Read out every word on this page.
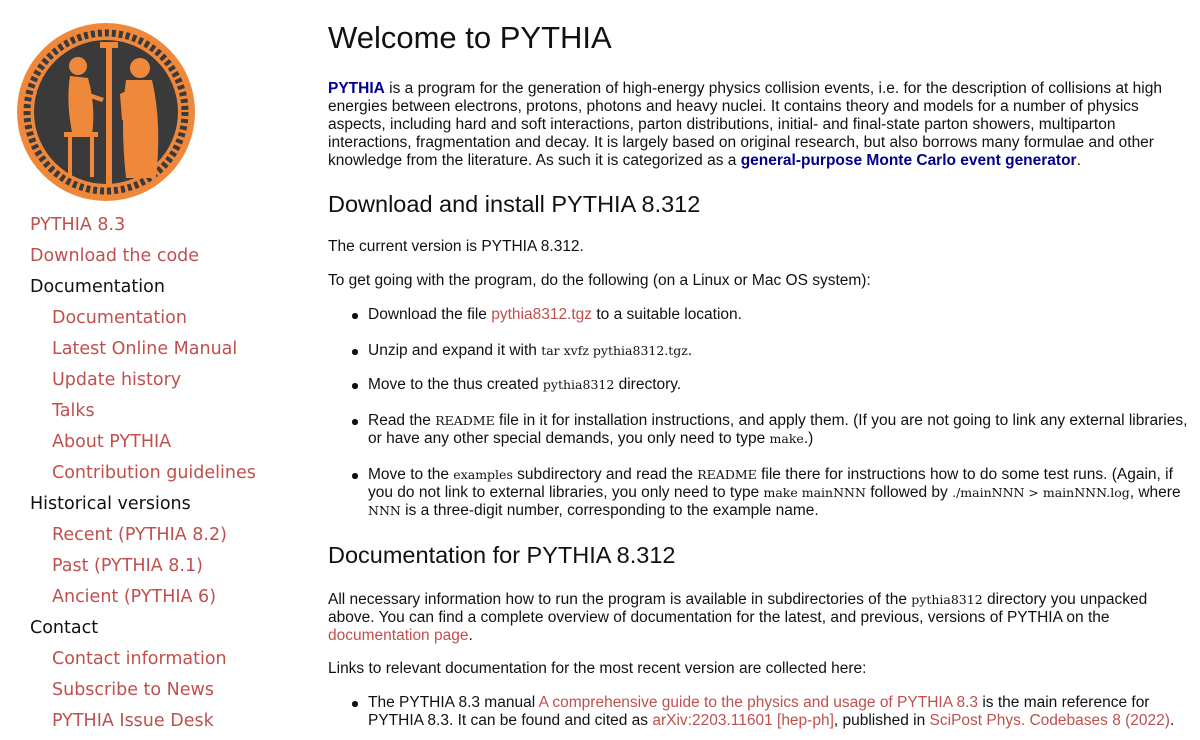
PYTHIA 8.3
Download the code
Documentation
Documentation
Latest Online Manual
Update history
Talks
About PYTHIA
Contribution guidelines
Historical versions
Recent (PYTHIA 8.2)
Past (PYTHIA 8.1)
Ancient (PYTHIA 6)
Contact
Contact information
Subscribe to News
PYTHIA Issue Desk
Welcome to PYTHIA

PYTHIA is a program for the generation of high-energy physics collision events, i.e. for the description of collisions at high energies between electrons, protons, photons and heavy nuclei. It contains theory and models for a number of physics aspects, including hard and soft interactions, parton distributions, initial- and final-state parton showers, multiparton interactions, fragmentation and decay. It is largely based on original research, but also borrows many formulae and other knowledge from the literature. As such it is categorized as a general-purpose Monte Carlo event generator.

Download and install PYTHIA 8.312

The current version is PYTHIA 8.312.

To get going with the program, do the following (on a Linux or Mac OS system):

Download the file pythia8312.tgz to a suitable location.
Unzip and expand it with tar xvfz pythia8312.tgz.
Move to the thus created pythia8312 directory.
Read the README file in it for installation instructions, and apply them. (If you are not going to link any external libraries, or have any other special demands, you only need to type make.)
Move to the examples subdirectory and read the README file there for instructions how to do some test runs. (Again, if you do not link to external libraries, you only need to type make mainNNN followed by ./mainNNN > mainNNN.log, where NNN is a three-digit number, corresponding to the example name.
Documentation for PYTHIA 8.312

All necessary information how to run the program is available in subdirectories of the pythia8312 directory you unpacked above. You can find a complete overview of documentation for the latest, and previous, versions of PYTHIA on the documentation page.

Links to relevant documentation for the most recent version are collected here:

The PYTHIA 8.3 manual A comprehensive guide to the physics and usage of PYTHIA 8.3 is the main reference for PYTHIA 8.3. It can be found and cited as arXiv:2203.11601 [hep-ph], published in SciPost Phys. Codebases 8 (2022).
